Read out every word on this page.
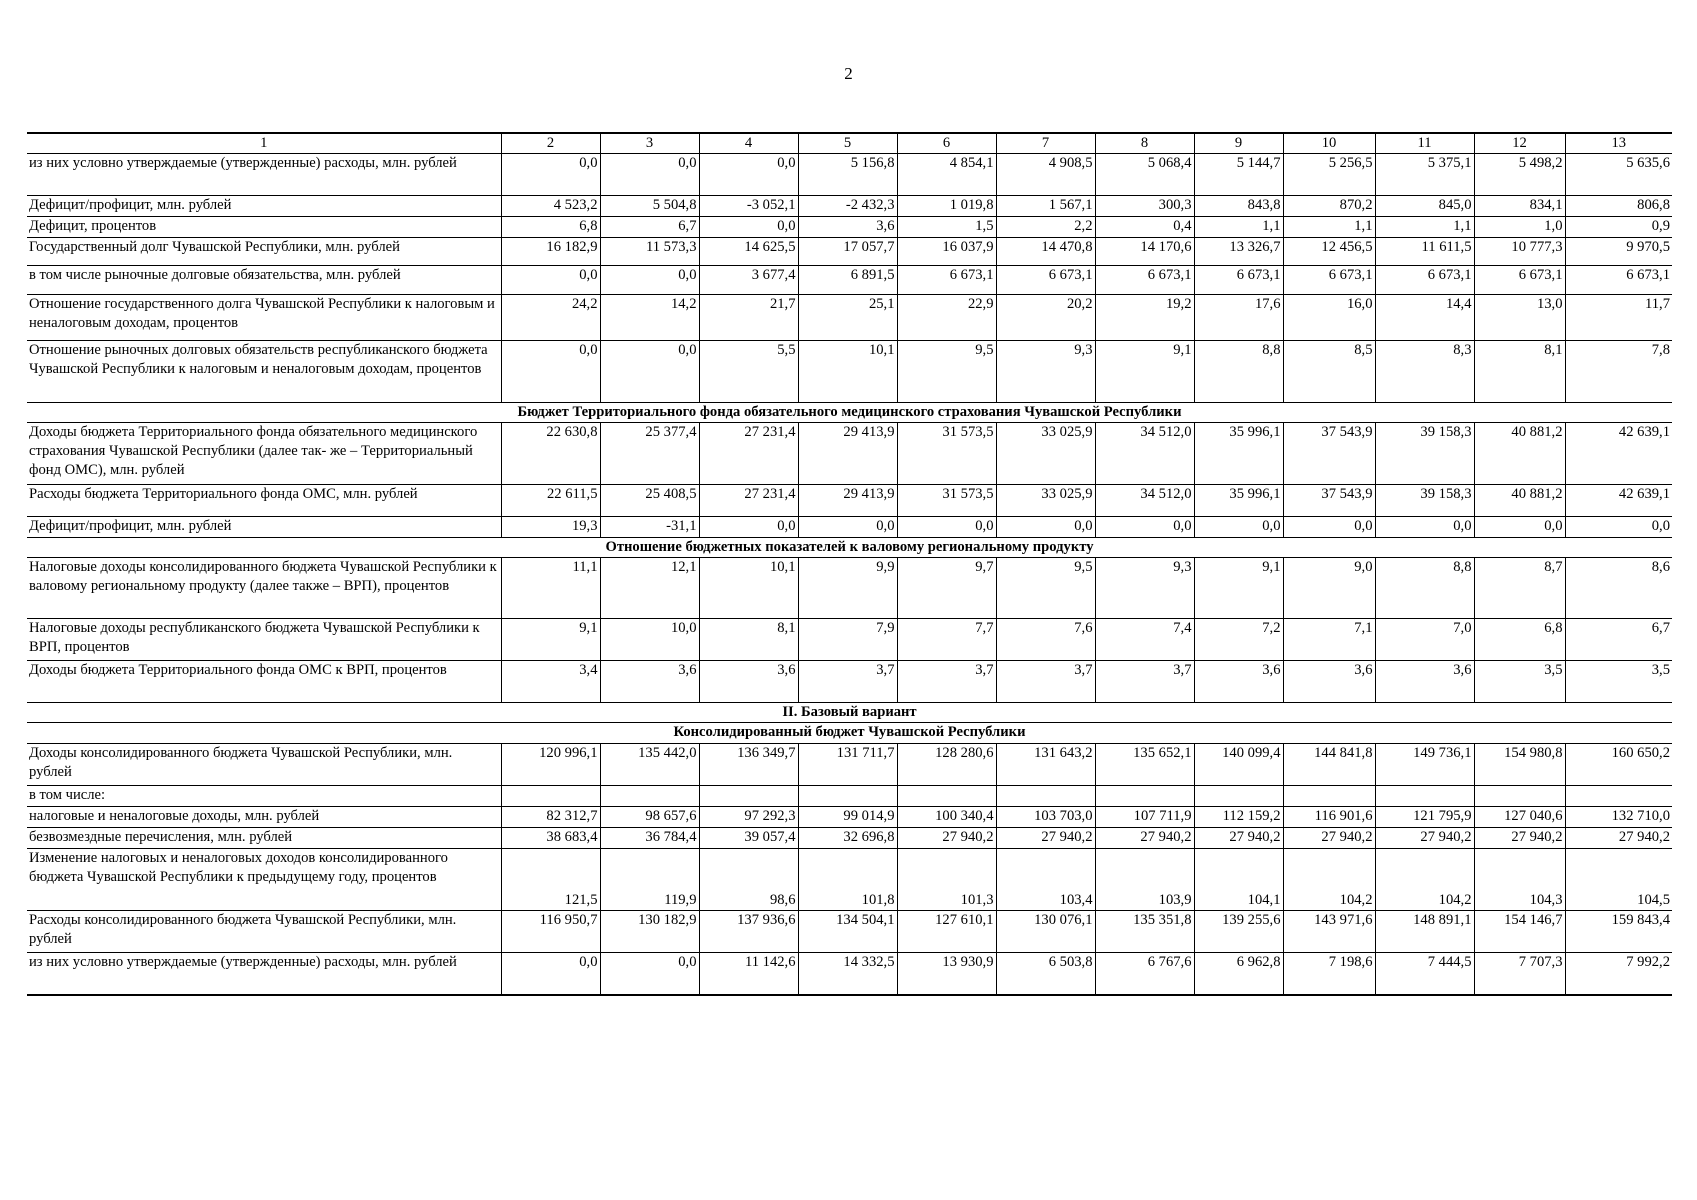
2
1	2	3	4	5	6	7	8	9	10	11	12	13
из них условно утверждаемые (утвержденные) расходы, млн. рублей	0,0	0,0	0,0	5 156,8	4 854,1	4 908,5	5 068,4	5 144,7	5 256,5	5 375,1	5 498,2	5 635,6
Дефицит/профицит, млн. рублей	4 523,2	5 504,8	-3 052,1	-2 432,3	1 019,8	1 567,1	300,3	843,8	870,2	845,0	834,1	806,8
Дефицит, процентов	6,8	6,7	0,0	3,6	1,5	2,2	0,4	1,1	1,1	1,1	1,0	0,9
Государственный долг Чувашской Республики, млн. рублей	16 182,9	11 573,3	14 625,5	17 057,7	16 037,9	14 470,8	14 170,6	13 326,7	12 456,5	11 611,5	10 777,3	9 970,5
в том числе рыночные долговые обязательства, млн. рублей	0,0	0,0	3 677,4	6 891,5	6 673,1	6 673,1	6 673,1	6 673,1	6 673,1	6 673,1	6 673,1	6 673,1
Отношение государственного долга Чувашской Республики к налоговым и неналоговым доходам, процентов	24,2	14,2	21,7	25,1	22,9	20,2	19,2	17,6	16,0	14,4	13,0	11,7
Отношение рыночных долговых обязательств республиканского бюджета Чувашской Республики к налоговым и неналоговым доходам, процентов	0,0	0,0	5,5	10,1	9,5	9,3	9,1	8,8	8,5	8,3	8,1	7,8
Бюджет Территориального фонда обязательного медицинского страхования Чувашской Республики												
Доходы бюджета Территориального фонда обязательного медицинского страхования Чувашской Республики (далее так- же – Территориальный фонд ОМС), млн. рублей	22 630,8	25 377,4	27 231,4	29 413,9	31 573,5	33 025,9	34 512,0	35 996,1	37 543,9	39 158,3	40 881,2	42 639,1
Расходы бюджета Территориального фонда ОМС, млн. рублей	22 611,5	25 408,5	27 231,4	29 413,9	31 573,5	33 025,9	34 512,0	35 996,1	37 543,9	39 158,3	40 881,2	42 639,1
Дефицит/профицит, млн. рублей	19,3	-31,1	0,0	0,0	0,0	0,0	0,0	0,0	0,0	0,0	0,0	0,0
Отношение бюджетных показателей к валовому региональному продукту												
Налоговые доходы консолидированного бюджета Чувашской Республики к валовому региональному продукту (далее также – ВРП), процентов	11,1	12,1	10,1	9,9	9,7	9,5	9,3	9,1	9,0	8,8	8,7	8,6
Налоговые доходы республиканского бюджета Чувашской Республики к ВРП, процентов	9,1	10,0	8,1	7,9	7,7	7,6	7,4	7,2	7,1	7,0	6,8	6,7
Доходы бюджета Территориального фонда ОМС к ВРП, процентов	3,4	3,6	3,6	3,7	3,7	3,7	3,7	3,6	3,6	3,6	3,5	3,5
II. Базовый вариант												
Консолидированный бюджет Чувашской Республики												
Доходы консолидированного бюджета Чувашской Республики, млн. рублей	120 996,1	135 442,0	136 349,7	131 711,7	128 280,6	131 643,2	135 652,1	140 099,4	144 841,8	149 736,1	154 980,8	160 650,2
в том числе:												
налоговые и неналоговые доходы, млн. рублей	82 312,7	98 657,6	97 292,3	99 014,9	100 340,4	103 703,0	107 711,9	112 159,2	116 901,6	121 795,9	127 040,6	132 710,0
безвозмездные перечисления, млн. рублей	38 683,4	36 784,4	39 057,4	32 696,8	27 940,2	27 940,2	27 940,2	27 940,2	27 940,2	27 940,2	27 940,2	27 940,2
Изменение налоговых и неналоговых доходов консолидированного бюджета Чувашской Республики к предыдущему году, процентов	121,5	119,9	98,6	101,8	101,3	103,4	103,9	104,1	104,2	104,2	104,3	104,5
Расходы консолидированного бюджета Чувашской Республики, млн. рублей	116 950,7	130 182,9	137 936,6	134 504,1	127 610,1	130 076,1	135 351,8	139 255,6	143 971,6	148 891,1	154 146,7	159 843,4
из них условно утверждаемые (утвержденные) расходы, млн. рублей	0,0	0,0	11 142,6	14 332,5	13 930,9	6 503,8	6 767,6	6 962,8	7 198,6	7 444,5	7 707,3	7 992,2
